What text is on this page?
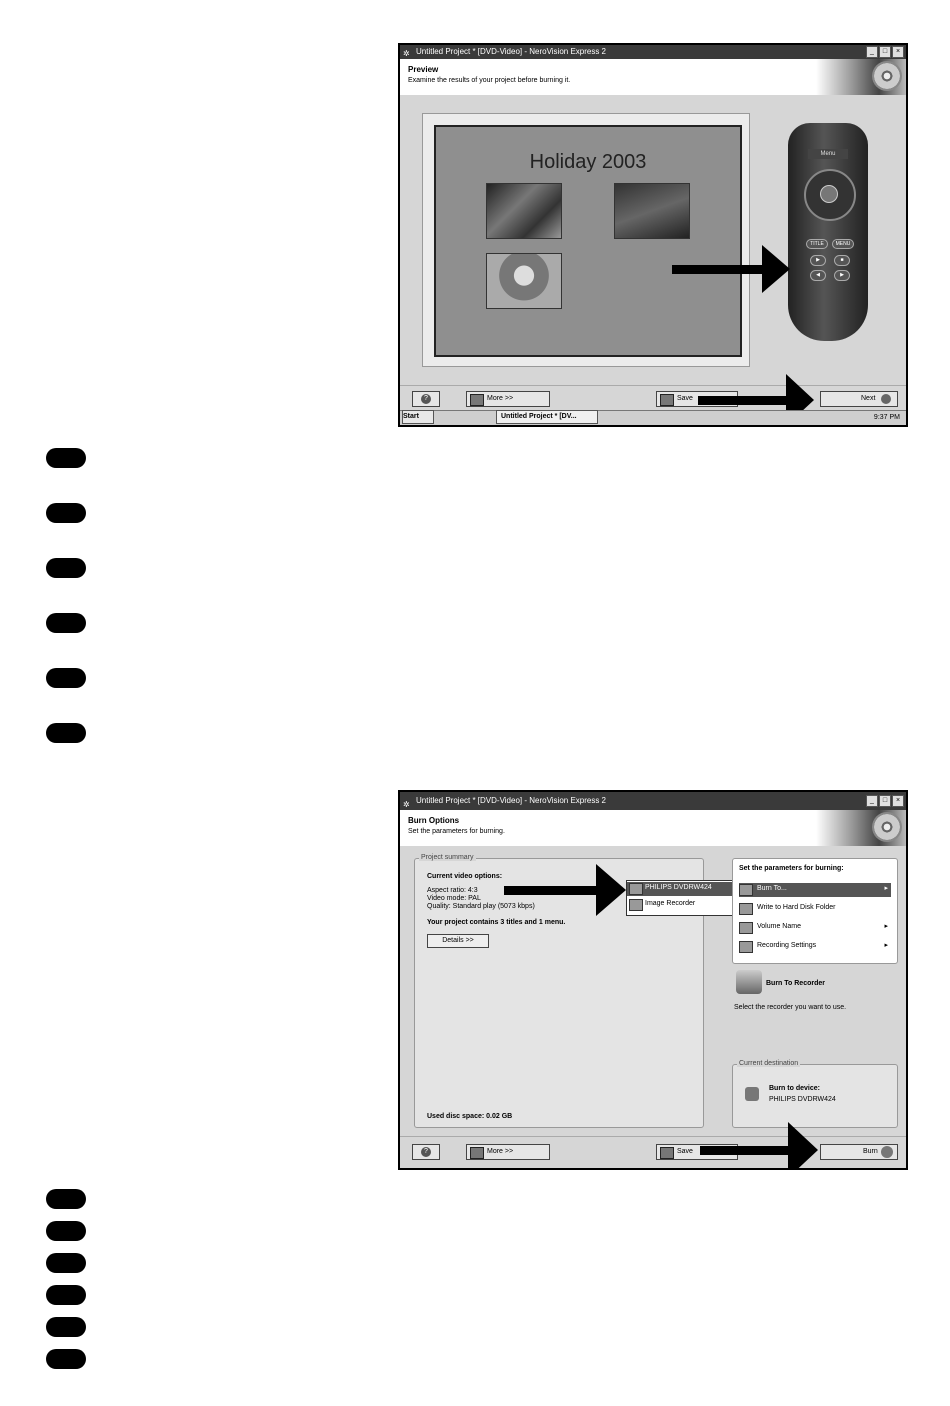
✲ Untitled Project * [DVD-Video] - NeroVision Express 2	_	□	×
Preview
Examine the results of your project before burning it.
Holiday 2003	Menu
TITLE	MENU
▶	■
◀	▶
?	More >>	Save	Next
Start	Untitled Project * [DV...	9:37 PM
✲ Untitled Project * [DVD-Video] - NeroVision Express 2	_	□	×
Burn Options
Set the parameters for burning.
Project summary
Current video options:
Aspect ratio: 4:3
Video mode: PAL
Quality: Standard play (5073 kbps)
Your project contains 3 titles and 1 menu.
Details >>
Used disc space: 0.02 GB
PHILIPS DVDRW424
Image Recorder
Set the parameters for burning:
Burn To...	▸
Write to Hard Disk Folder
Volume Name	▸
Recording Settings	▸
Burn To Recorder
Select the recorder you want to use.
Current destination
Burn to device:
PHILIPS DVDRW424
?	More >>	Save	Burn
